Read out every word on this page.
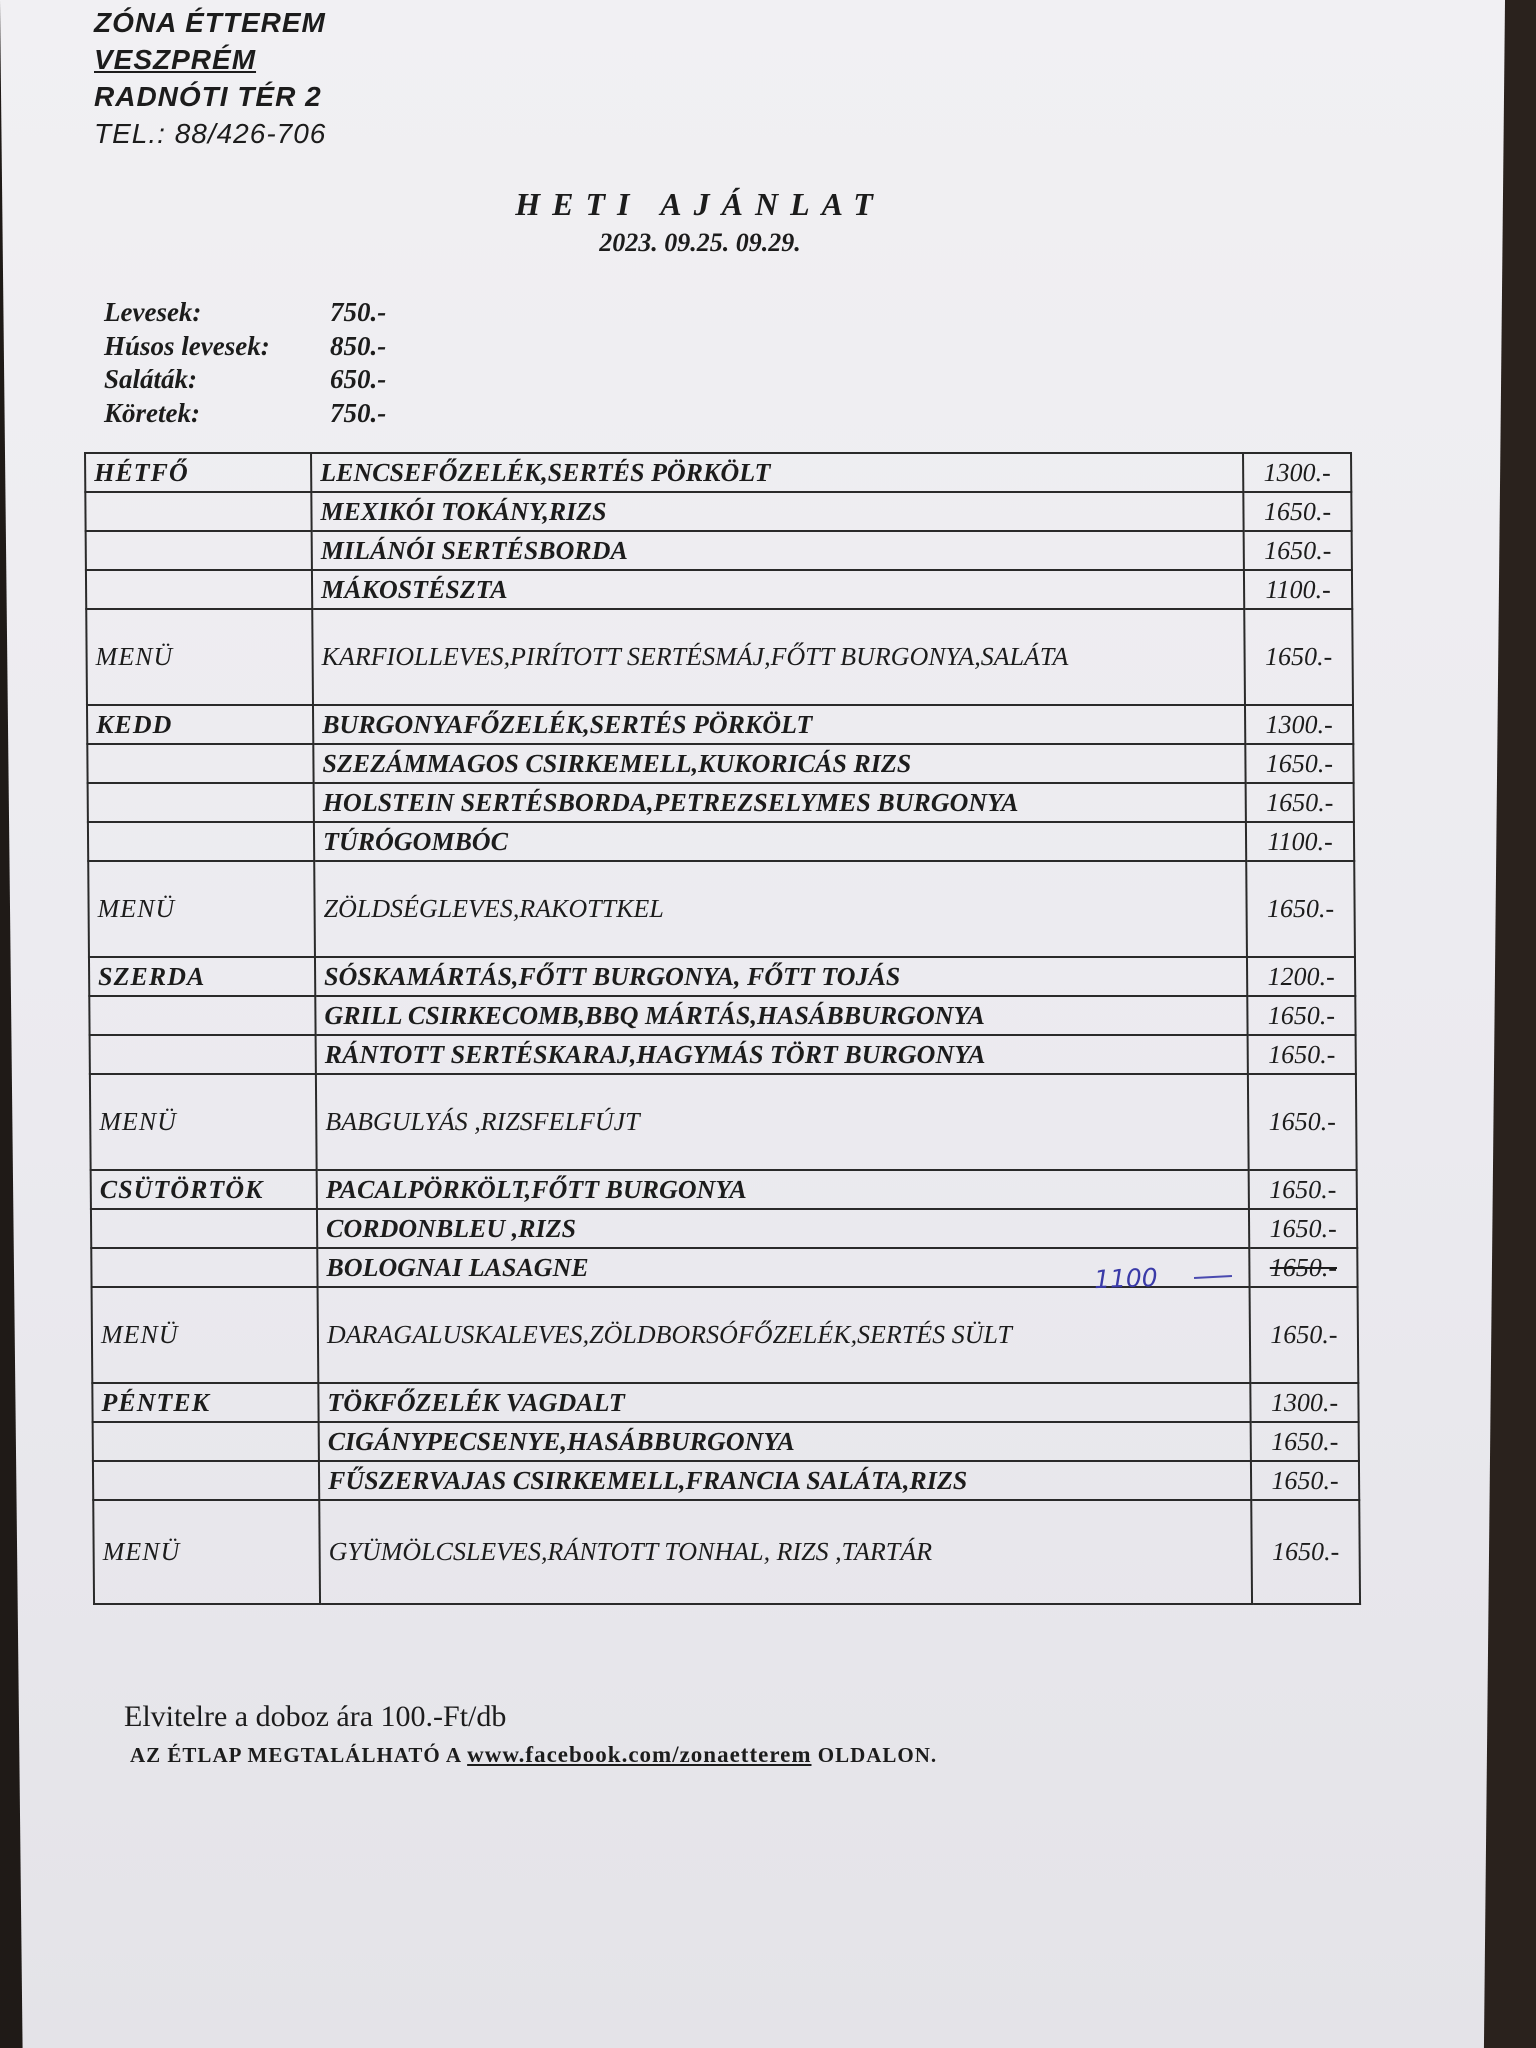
ZÓNA ÉTTEREM
VESZPRÉM
RADNÓTI TÉR 2
TEL.: 88/426-706
HETI AJÁNLAT
2023. 09.25. 09.29.
Levesek:	750.-
Húsos levesek:	850.-
Saláták:	650.-
Köretek:	750.-
HÉTFŐ	LENCSEFŐZELÉK,SERTÉS PÖRKÖLT	1300.-
	MEXIKÓI TOKÁNY,RIZS	1650.-
	MILÁNÓI SERTÉSBORDA	1650.-
	MÁKOSTÉSZTA	1100.-
MENÜ	KARFIOLLEVES,PIRÍTOTT SERTÉSMÁJ,FŐTT BURGONYA,SALÁTA	1650.-
KEDD	BURGONYAFŐZELÉK,SERTÉS PÖRKÖLT	1300.-
	SZEZÁMMAGOS CSIRKEMELL,KUKORICÁS RIZS	1650.-
	HOLSTEIN SERTÉSBORDA,PETREZSELYMES BURGONYA	1650.-
	TÚRÓGOMBÓC	1100.-
MENÜ	ZÖLDSÉGLEVES,RAKOTTKEL	1650.-
SZERDA	SÓSKAMÁRTÁS,FŐTT BURGONYA, FŐTT TOJÁS	1200.-
	GRILL CSIRKECOMB,BBQ MÁRTÁS,HASÁBBURGONYA	1650.-
	RÁNTOTT SERTÉSKARAJ,HAGYMÁS TÖRT BURGONYA	1650.-
MENÜ	BABGULYÁS ,RIZSFELFÚJT	1650.-
CSÜTÖRTÖK	PACALPÖRKÖLT,FŐTT BURGONYA	1650.-
	CORDONBLEU ,RIZS	1650.-
	BOLOGNAI LASAGNE	1650.-
MENÜ	DARAGALUSKALEVES,ZÖLDBORSÓFŐZELÉK,SERTÉS SÜLT	1650.-
PÉNTEK	TÖKFŐZELÉK VAGDALT	1300.-
	CIGÁNYPECSENYE,HASÁBBURGONYA	1650.-
	FŰSZERVAJAS CSIRKEMELL,FRANCIA SALÁTA,RIZS	1650.-
MENÜ	GYÜMÖLCSLEVES,RÁNTOTT TONHAL, RIZS ,TARTÁR	1650.-
1100
Elvitelre a doboz ára 100.-Ft/db
AZ ÉTLAP MEGTALÁLHATÓ A www.facebook.com/zonaetterem OLDALON.
